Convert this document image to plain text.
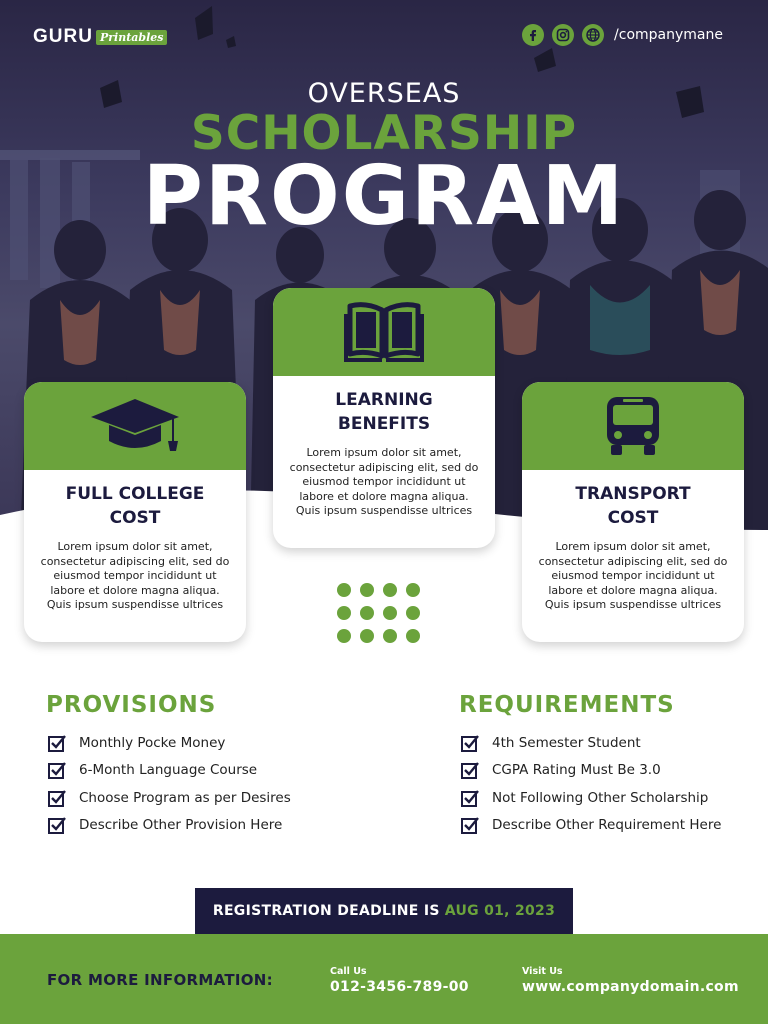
GURU Printables	/companymane
OVERSEAS
SCHOLARSHIP
PROGRAM
FULL COLLEGE
COST
Lorem ipsum dolor sit amet, consectetur adipiscing elit, sed do eiusmod tempor incididunt ut labore et dolore magna aliqua. Quis ipsum suspendisse ultrices
LEARNING
BENEFITS
Lorem ipsum dolor sit amet, consectetur adipiscing elit, sed do eiusmod tempor incididunt ut labore et dolore magna aliqua. Quis ipsum suspendisse ultrices
TRANSPORT
COST
Lorem ipsum dolor sit amet, consectetur adipiscing elit, sed do eiusmod tempor incididunt ut labore et dolore magna aliqua. Quis ipsum suspendisse ultrices
PROVISIONS
Monthly Pocke Money
6-Month Language Course
Choose Program as per Desires
Describe Other Provision Here
REQUIREMENTS
4th Semester Student
CGPA Rating Must Be 3.0
Not Following Other Scholarship
Describe Other Requirement Here
REGISTRATION DEADLINE IS AUG 01, 2023
FOR MORE INFORMATION:	Call Us
012-3456-789-00
Visit Us
www.companydomain.com
